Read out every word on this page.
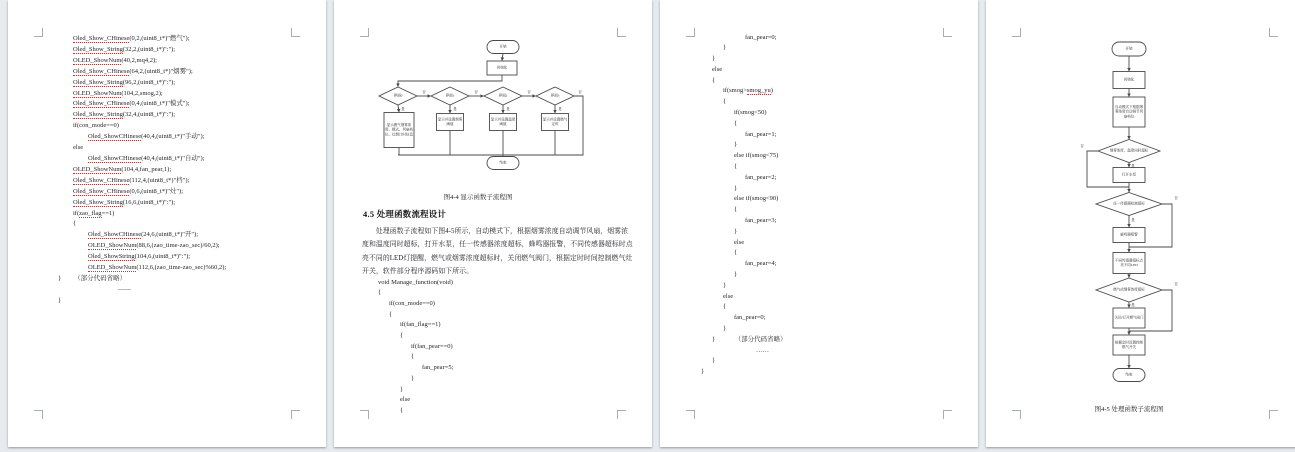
Oled_Show_CHinese(0,2,(uint8_t*)"燃气");
Oled_Show_String(32,2,(uint8_t*)":");
OLED_ShowNum(40,2,mq4,2);
Oled_Show_CHinese(64,2,(uint8_t*)"烟雾");
Oled_Show_String(96,2,(uint8_t*)":");
OLED_ShowNum(104,2,smog,2);
Oled_Show_CHinese(0,4,(uint8_t*)"模式");
Oled_Show_String(32,4,(uint8_t*)":");
if(con_mode==0)
Oled_ShowCHinese(40,4,(uint8_t*)"手动");
else
Oled_ShowCHinese(40,4,(uint8_t*)"自动");
OLED_ShowNum(104,4,fan_pear,1);
Oled_Show_CHinese(112,4,(uint8_t*)"档");
Oled_Show_CHinese(0,6,(uint8_t*)"灶");
Oled_Show_String(16,6,(uint8_t*)":");
if(zao_flag==1)
{
Oled_ShowCHinese(24,6,(uint8_t*)"开");
OLED_ShowNum(88,6,(zao_time-zao_sec)/60,2);
Oled_ShowString(104,6,(uint8_t*)":");
OLED_ShowNum(112,6,(zao_time-zao_sec)%60,2);
}        （部分代码省略）
——
}
开始
初始化
界面0	界面1	界面2	界面3
显示燃气烟雾浓度、模式、风扇档位、灶倒计时信息
显示并设置烟雾阈值
显示并设置温度阈值
显示并设置燃气定时
结束
否	否	否	否
是	是	是	是
图4-4 显示函数子流程图
4.5 处理函数流程设计
处理函数子流程如下图4-5所示，自动模式下，根据烟雾浓度自动调节风扇，烟雾浓
度和温度同时超标，打开水泵，任一传感器浓度超标，蜂鸣器报警，不同传感器超标时点
亮不同的LED灯提醒，燃气或烟雾浓度超标时，关闭燃气阀门，根据定时时间控制燃气灶
开关，软件部分程序源码如下所示。
void Manage_function(void)
{
if(con_mode==0)
{
if(fan_flag==1)
{
if(fan_pear==0)
{
fan_pear=5;
}
}
else
{
fan_pear=0;
}
}
else
{
if(smog>smog_yu)
{
if(smog<50)
{
fan_pear=1;
}
else if(smog<75)
{
fan_pear=2;
}
else if(smog<90)
{
fan_pear=3;
}
else
{
fan_pear=4;
}
}
else
{
fan_pear=0;
}
}            （部分代码省略）
……
}
}
开始
初始化
自动模式下根据烟雾浓度自动调节风扇档位
烟雾浓度、温度同时超标
打开水泵
任一传感器检测超标
蜂鸣器报警
不同传感器超标点亮不同LED
燃气或烟雾浓度超标
关闭/打开燃气阀门
根据定时设置控制燃气开关
结束
否
是
否
是
否
是
图4-5 处理函数子流程图
